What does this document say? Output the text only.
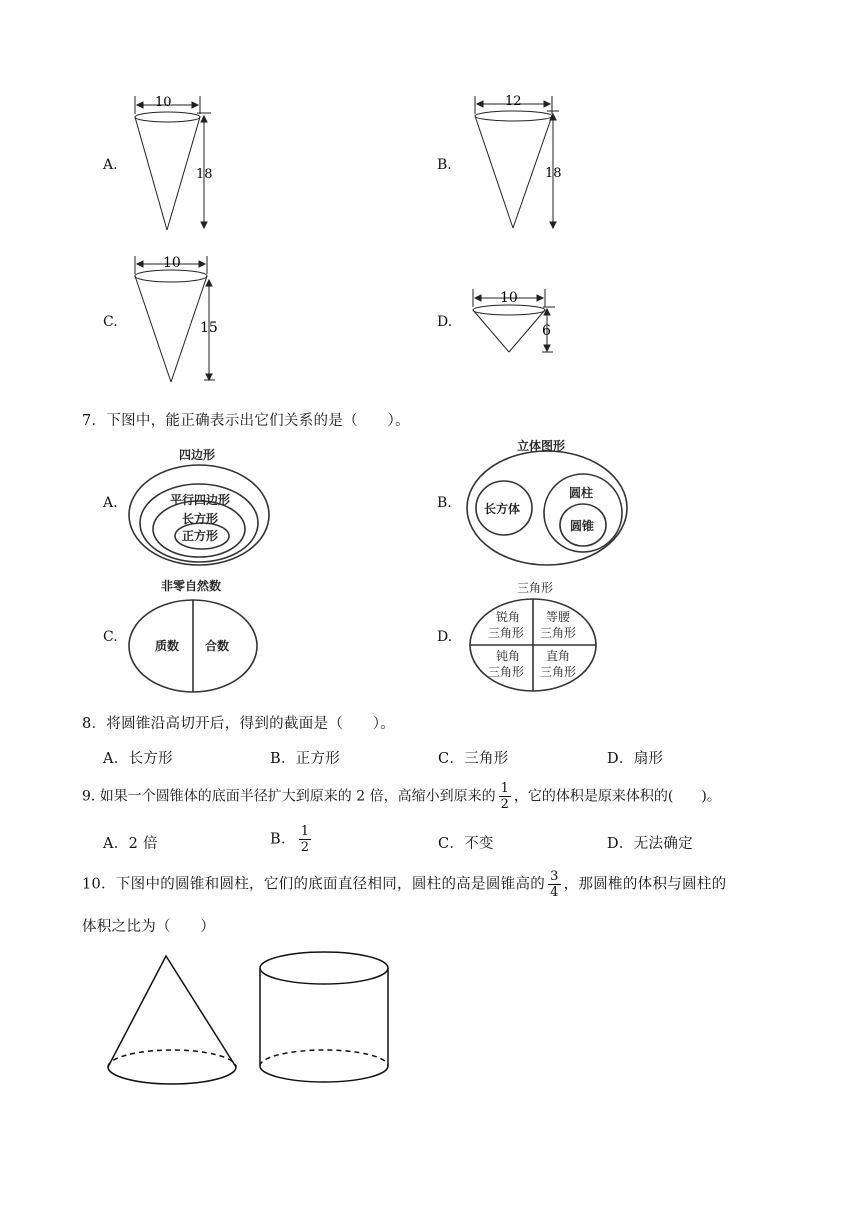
A.
10
18
B.
12
18
C.
10
15	D.
10
6
7．下图中，能正确表示出它们关系的是（　　）。
A.
四边形
平行四边形
长方形
正方形
B.
立体图形
长方体
圆柱
圆锥
C.
非零自然数
质数 合数
D.
三角形
锐角
三角形
等腰
三角形
钝角
三角形
直角
三角形
8．将圆锥沿高切开后，得到的截面是（　　）。
A．长方形	B．正方形	C．三角形	D．扇形
9. 如果一个圆锥体的底面半径扩大到原来的 2 倍，高缩小到原来的 $\frac{1}{2}$ ，它的体积是原来体积的(　　)。
A．2 倍	B． $\frac{1}{2}$	C．不变	D．无法确定
10．下图中的圆锥和圆柱，它们的底面直径相同，圆柱的高是圆锥高的 $\frac{3}{4}$ ，那圆椎的体积与圆柱的
体积之比为（　　）
